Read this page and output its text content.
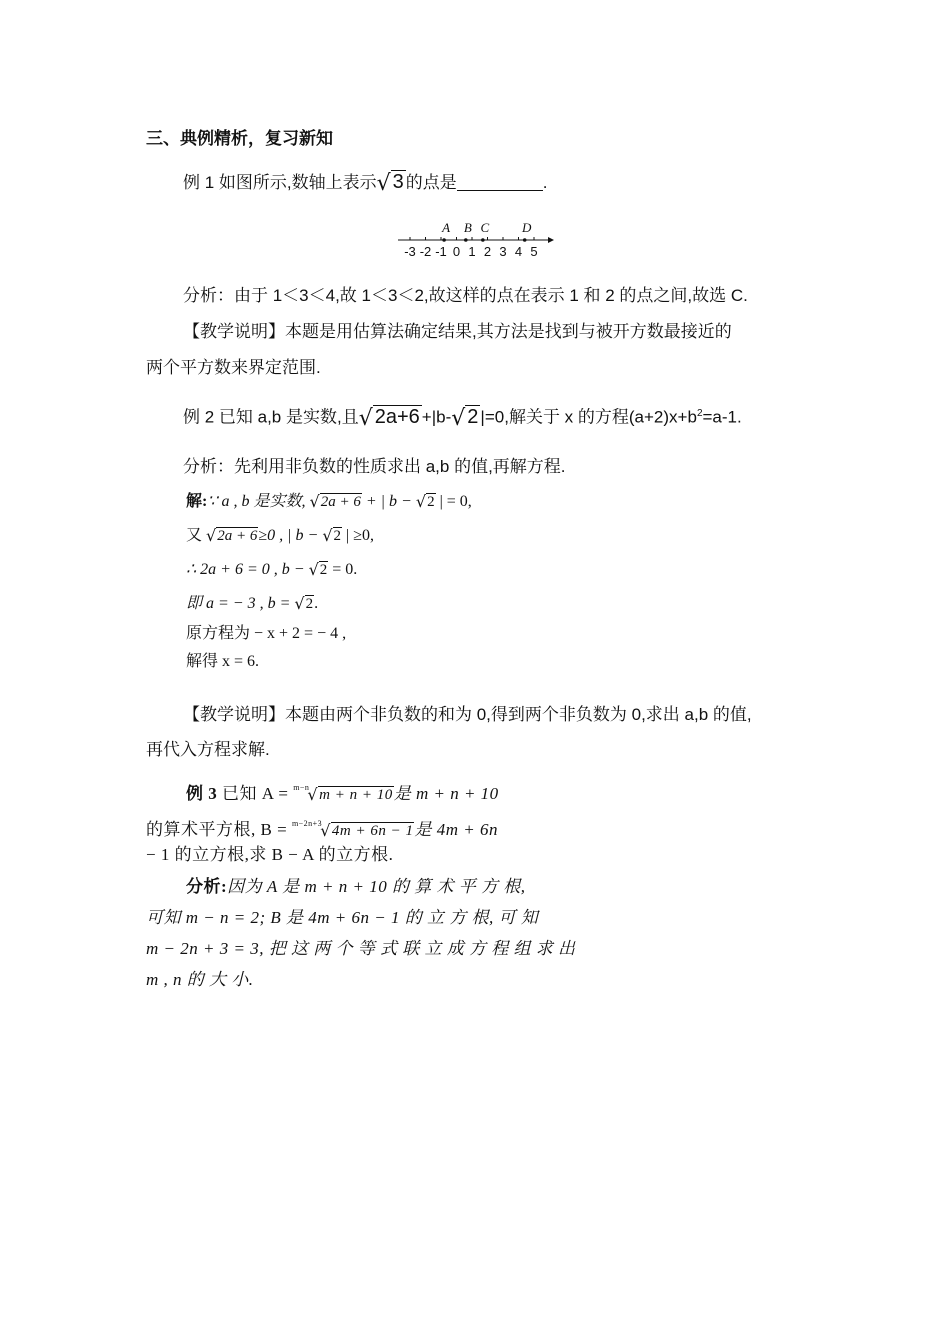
三、典例精析，复习新知
例 1 如图所示,数轴上表示√ 3 的点是	.
-3 -2 -1 0 1 2 3 4 5
A B C	D
分析：由于 1＜3＜4,故 1＜3＜2,故这样的点在表示 1 和 2 的点之间,故选 C.
【教学说明】本题是用估算法确定结果,其方法是找到与被开方数最接近的
两个平方数来界定范围.
例 2 已知 a,b 是实数,且√ 2a+6 +|b-√ 2 |=0,解关于 x 的方程$(a+2)x+b^2=a-1$.
分析：先利用非负数的性质求出 a,b 的值,再解方程.
解:∵ a , b 是实数, √2a + 6 + | b − √2 | = 0,
又 √2a + 6≥0 , | b − √2 | ≥0,
∴ 2a + 6 = 0 , b − √2 = 0.
即 a = − 3 , b = √2.
原方程为 − x + 2 = − 4 ,
解得 x = 6.
【教学说明】本题由两个非负数的和为 0,得到两个非负数为 0,求出 a,b 的值,
再代入方程求解.
例 3 已知 A = $^{m-n}$√m + n + 10是 m + n + 10
的算术平方根, B = $^{m-2n+3}$√4m + 6n − 1是 4m + 6n
− 1 的立方根,求 B − A 的立方根.
分析:因为 A 是 m + n + 10 的 算 术 平 方 根,
可知 m − n = 2; B 是 4m + 6n − 1 的 立 方 根, 可 知
m − 2n + 3 = 3, 把 这 两 个 等 式 联 立 成 方 程 组 求 出
m , n 的 大 小.
